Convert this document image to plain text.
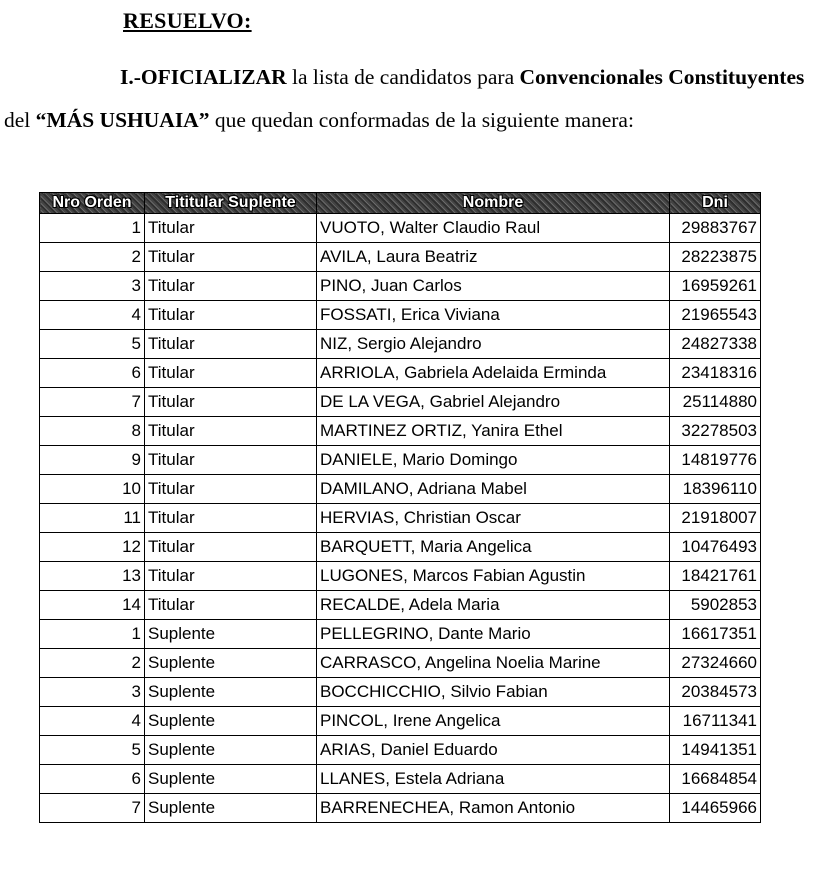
RESUELVO:
I.-OFICIALIZAR la lista de candidatos para Convencionales Constituyentes del “MÁS USHUAIA” que quedan conformadas de la siguiente manera:
Nro Orden	Tititular Suplente	Nombre	Dni
1	Titular	VUOTO, Walter Claudio Raul	29883767
2	Titular	AVILA, Laura Beatriz	28223875
3	Titular	PINO, Juan Carlos	16959261
4	Titular	FOSSATI, Erica Viviana	21965543
5	Titular	NIZ, Sergio Alejandro	24827338
6	Titular	ARRIOLA, Gabriela Adelaida Erminda	23418316
7	Titular	DE LA VEGA, Gabriel Alejandro	25114880
8	Titular	MARTINEZ ORTIZ, Yanira Ethel	32278503
9	Titular	DANIELE, Mario Domingo	14819776
10	Titular	DAMILANO, Adriana Mabel	18396110
11	Titular	HERVIAS, Christian Oscar	21918007
12	Titular	BARQUETT, Maria Angelica	10476493
13	Titular	LUGONES, Marcos Fabian Agustin	18421761
14	Titular	RECALDE, Adela Maria	5902853
1	Suplente	PELLEGRINO, Dante Mario	16617351
2	Suplente	CARRASCO, Angelina Noelia Marine	27324660
3	Suplente	BOCCHICCHIO, Silvio Fabian	20384573
4	Suplente	PINCOL, Irene Angelica	16711341
5	Suplente	ARIAS, Daniel Eduardo	14941351
6	Suplente	LLANES, Estela Adriana	16684854
7	Suplente	BARRENECHEA, Ramon Antonio	14465966
